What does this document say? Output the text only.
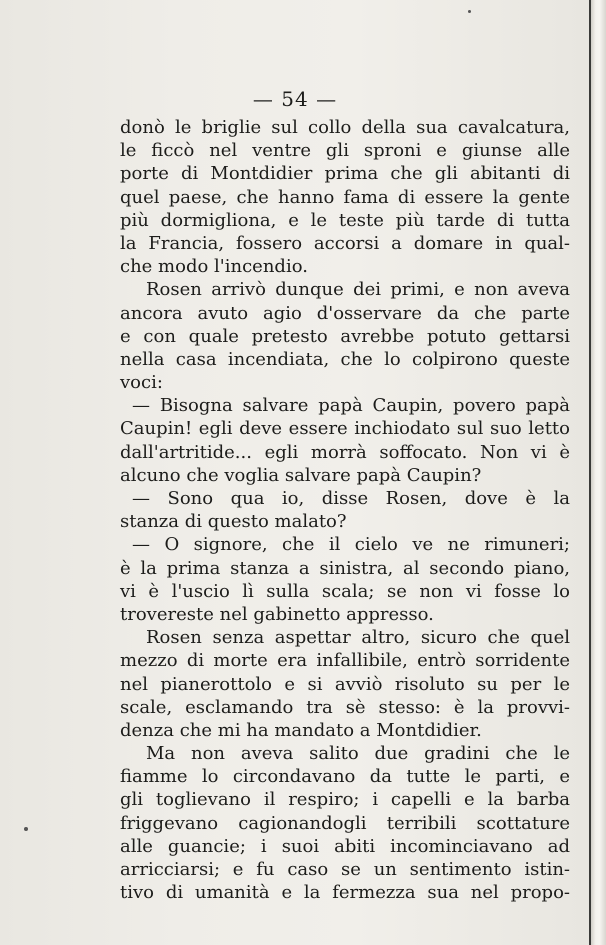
— 54 —
donò le briglie sul collo della sua cavalcatura,
le ficcò nel ventre gli sproni e giunse alle
porte di Montdidier prima che gli abitanti di
quel paese, che hanno fama di essere la gente
più dormigliona, e le teste più tarde di tutta
la Francia, fossero accorsi a domare in qual-
che modo l'incendio.
Rosen arrivò dunque dei primi, e non aveva
ancora avuto agio d'osservare da che parte
e con quale pretesto avrebbe potuto gettarsi
nella casa incendiata, che lo colpirono queste
voci:
— Bisogna salvare papà Caupin, povero papà
Caupin! egli deve essere inchiodato sul suo letto
dall'artritide... egli morrà soffocato. Non vi è
alcuno che voglia salvare papà Caupin?
— Sono qua io, disse Rosen, dove è la
stanza di questo malato?
— O signore, che il cielo ve ne rimuneri;
è la prima stanza a sinistra, al secondo piano,
vi è l'uscio lì sulla scala; se non vi fosse lo
trovereste nel gabinetto appresso.
Rosen senza aspettar altro, sicuro che quel
mezzo di morte era infallibile, entrò sorridente
nel pianerottolo e si avviò risoluto su per le
scale, esclamando tra sè stesso: è la provvi-
denza che mi ha mandato a Montdidier.
Ma non aveva salito due gradini che le
fiamme lo circondavano da tutte le parti, e
gli toglievano il respiro; i capelli e la barba
friggevano cagionandogli terribili scottature
alle guancie; i suoi abiti incominciavano ad
arricciarsi; e fu caso se un sentimento istin-
tivo di umanità e la fermezza sua nel propo-
